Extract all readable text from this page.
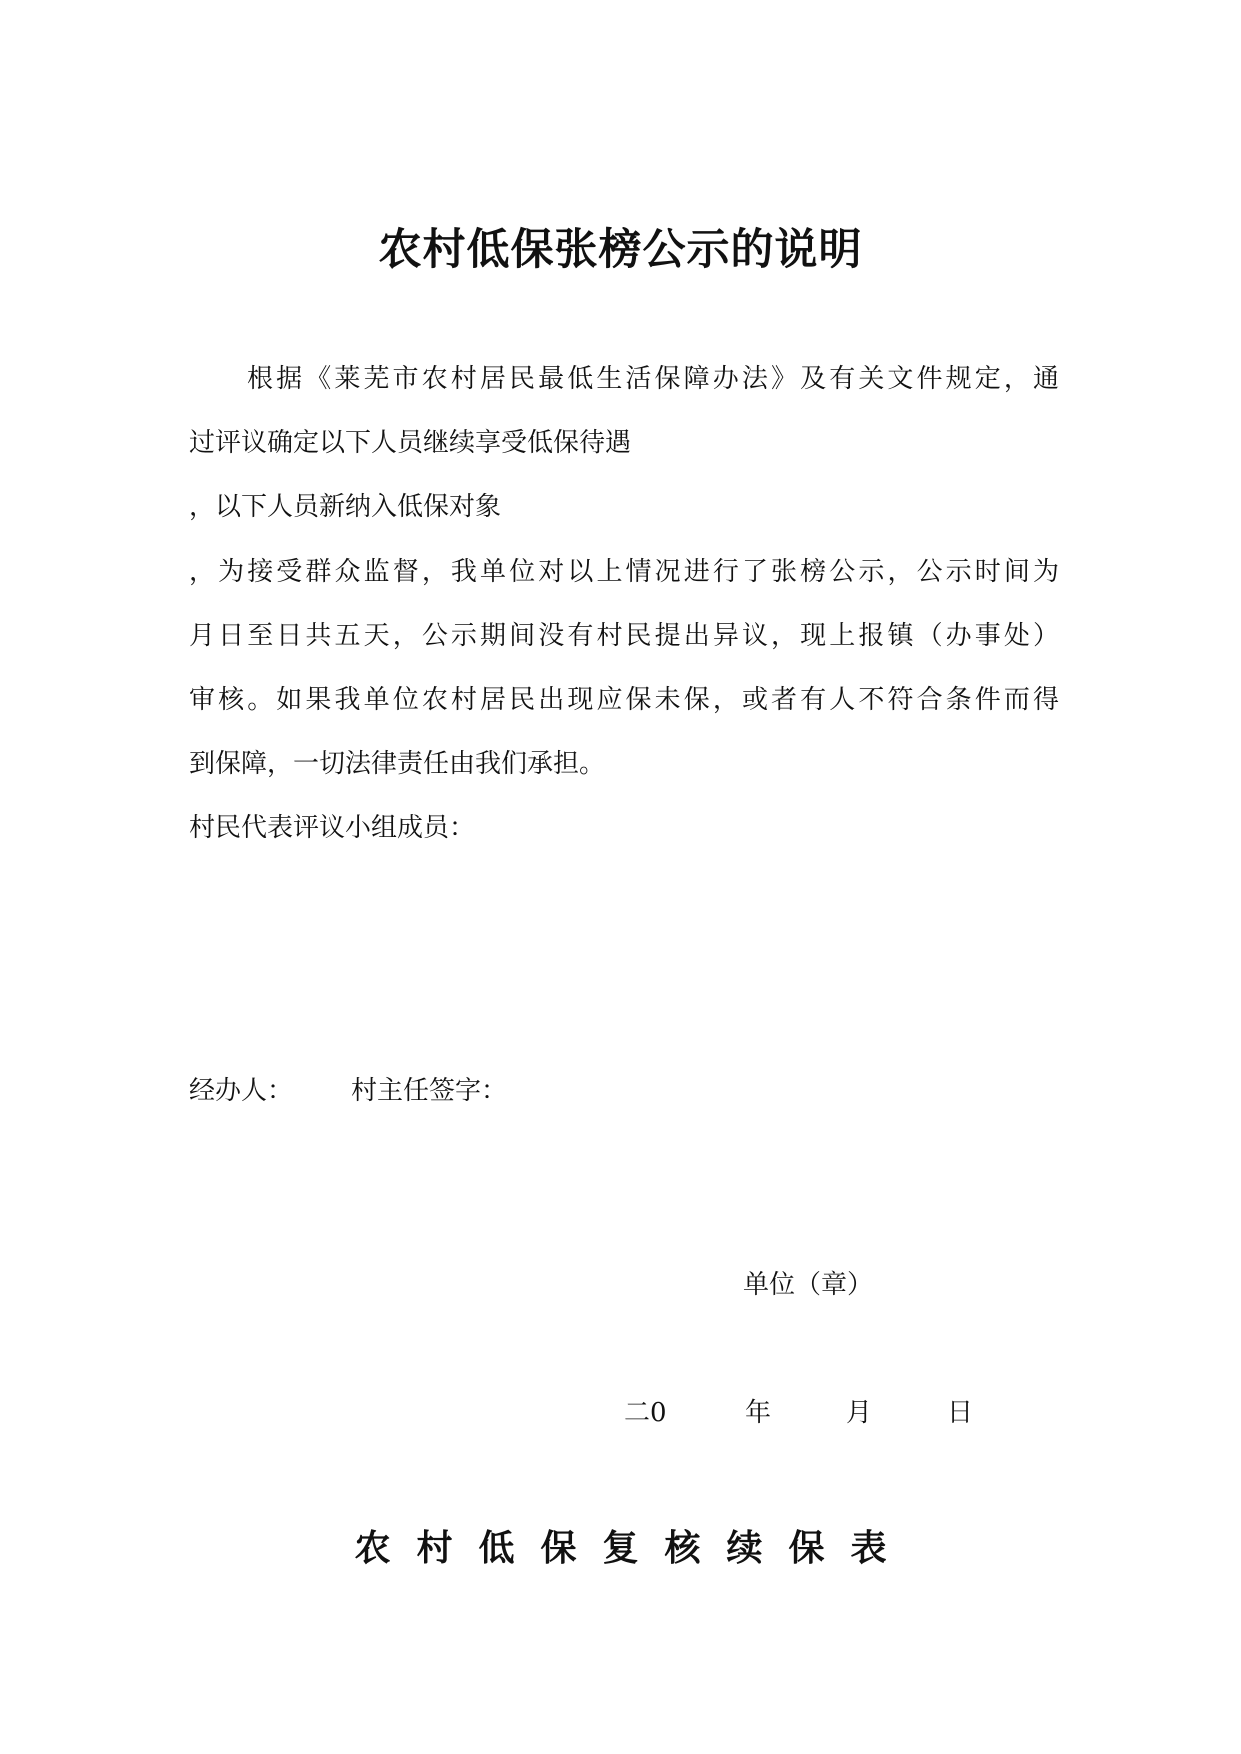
农村低保张榜公示的说明

根据《莱芜市农村居民最低生活保障办法》及有关文件规定，通

过评议确定以下人员继续享受低保待遇

，以下人员新纳入低保对象

，为接受群众监督，我单位对以上情况进行了张榜公示，公示时间为

月日至日共五天，公示期间没有村民提出异议，现上报镇（办事处）

审核。如果我单位农村居民出现应保未保，或者有人不符合条件而得

到保障，一切法律责任由我们承担。

村民代表评议小组成员：

经办人： 村主任签字：
单位（章）
二0	年	月	日
农村低保复核续保表
